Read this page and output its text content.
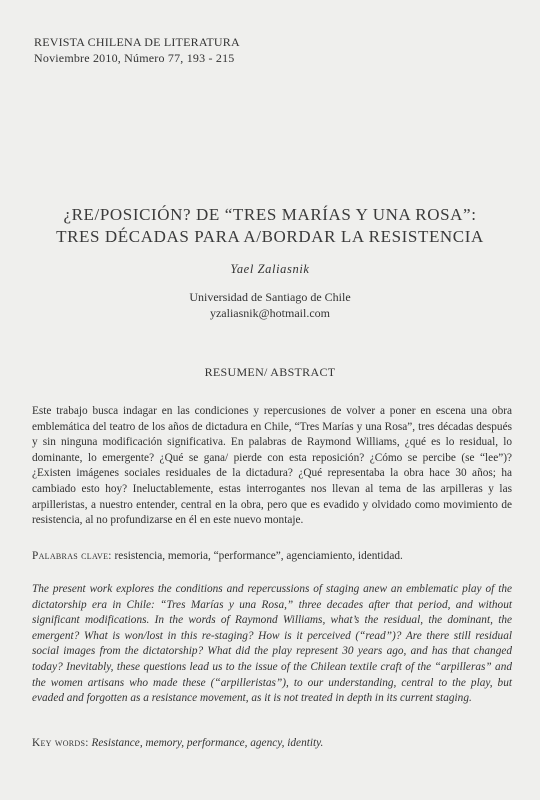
REVISTA CHILENA DE LITERATURA
Noviembre 2010, Número 77, 193 - 215
¿RE/POSICIÓN? DE “TRES MARÍAS Y UNA ROSA”:
TRES DÉCADAS PARA A/BORDAR LA RESISTENCIA
Yael Zaliasnik
Universidad de Santiago de Chile
yzaliasnik@hotmail.com
RESUMEN/ ABSTRACT
Este trabajo busca indagar en las condiciones y repercusiones de volver a poner en escena una obra emblemática del teatro de los años de dictadura en Chile, “Tres Marías y una Rosa”, tres décadas después y sin ninguna modificación significativa. En palabras de Raymond Williams, ¿qué es lo residual, lo dominante, lo emergente? ¿Qué se gana/ pierde con esta reposición? ¿Cómo se percibe (se “lee”)? ¿Existen imágenes sociales residuales de la dictadura? ¿Qué representaba la obra hace 30 años; ha cambiado esto hoy? Ineluctablemente, estas interrogantes nos llevan al tema de las arpilleras y las arpilleristas, a nuestro entender, central en la obra, pero que es evadido y olvidado como movimiento de resistencia, al no profundizarse en él en este nuevo montaje.
Palabras clave: resistencia, memoria, “performance”, agenciamiento, identidad.
The present work explores the conditions and repercussions of staging anew an emblematic play of the dictatorship era in Chile: “Tres Marías y una Rosa,” three decades after that period, and without significant modifications. In the words of Raymond Williams, what’s the residual, the dominant, the emergent? What is won/lost in this re-staging? How is it perceived (“read”)? Are there still residual social images from the dictatorship? What did the play represent 30 years ago, and has that changed today? Inevitably, these questions lead us to the issue of the Chilean textile craft of the “arpilleras” and the women artisans who made these (“arpilleristas”), to our understanding, central to the play, but evaded and forgotten as a resistance movement, as it is not treated in depth in its current staging.
Key words: Resistance, memory, performance, agency, identity.
